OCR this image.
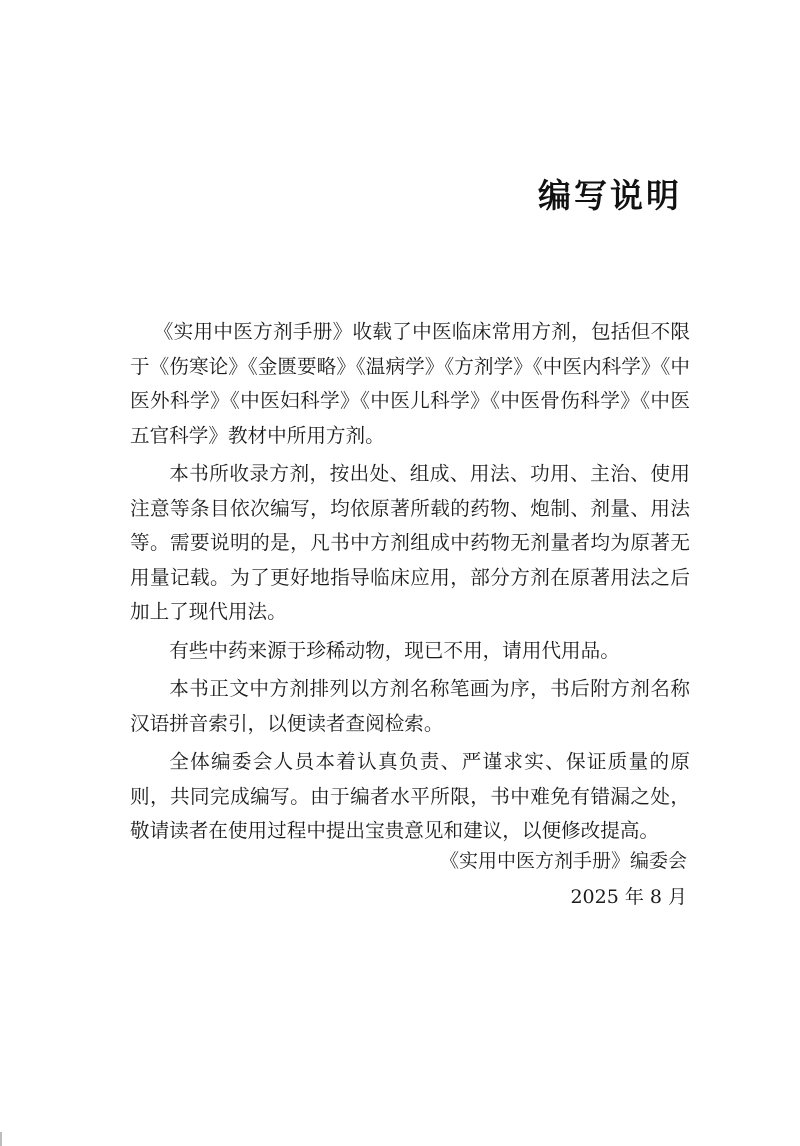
编写说明

《实用中医方剂手册》收载了中医临床常用方剂，包括但不限于《伤寒论》《金匮要略》《温病学》《方剂学》《中医内科学》《中医外科学》《中医妇科学》《中医儿科学》《中医骨伤科学》《中医五官科学》教材中所用方剂。

本书所收录方剂，按出处、组成、用法、功用、主治、使用注意等条目依次编写，均依原著所载的药物、炮制、剂量、用法等。需要说明的是，凡书中方剂组成中药物无剂量者均为原著无用量记载。为了更好地指导临床应用，部分方剂在原著用法之后加上了现代用法。

有些中药来源于珍稀动物，现已不用，请用代用品。

本书正文中方剂排列以方剂名称笔画为序，书后附方剂名称汉语拼音索引，以便读者查阅检索。

全体编委会人员本着认真负责、严谨求实、保证质量的原则，共同完成编写。由于编者水平所限，书中难免有错漏之处，敬请读者在使用过程中提出宝贵意见和建议，以便修改提高。

《实用中医方剂手册》编委会
2025 年 8 月
